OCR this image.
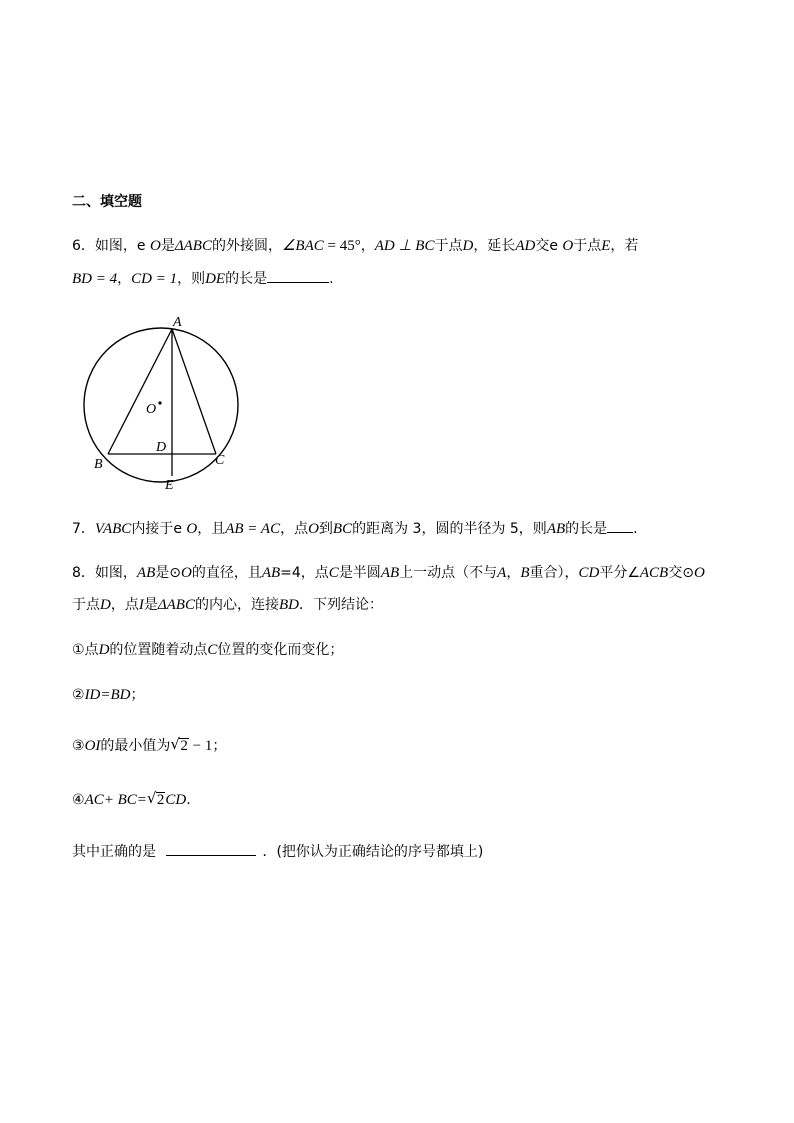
二、填空题
6．如图，e O是ΔABC的外接圆，∠BAC = 45°，AD ⊥ BC于点D，延长AD交e O于点E，若
BD = 4，CD = 1，则DE的长是	.
A
O
D
B	C
E
7．VABC内接于e O，且AB = AC，点O到BC的距离为 3，圆的半径为 5，则AB的长是 .
8．如图，AB是⊙O的直径，且AB=4，点C是半圆AB上一动点（不与A，B重合），CD平分∠ACB交⊙O
于点D，点I是ΔABC的内心，连接BD．下列结论：
①点D的位置随着动点C位置的变化而变化；
②ID=BD；
③OI的最小值为 √ 2 − 1；
④AC+ BC= √ 2CD.
其中正确的是	．(把你认为正确结论的序号都填上)
